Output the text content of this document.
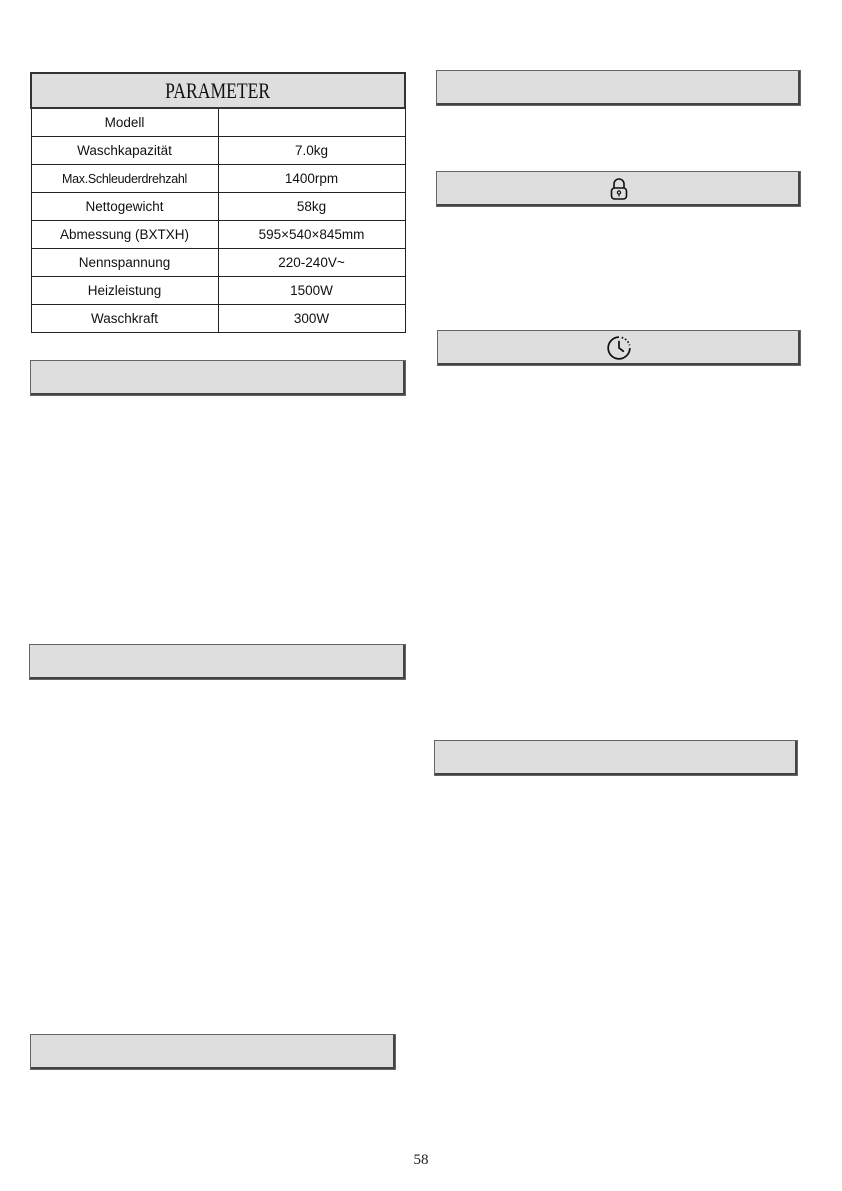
PARAMETER	
Modell	
Waschkapazität	7.0kg
Max.Schleuderdrehzahl	1400rpm
Nettogewicht	58kg
Abmessung (BXTXH)	595×540×845mm
Nennspannung	220-240V~
Heizleistung	1500W
Waschkraft	300W
58
